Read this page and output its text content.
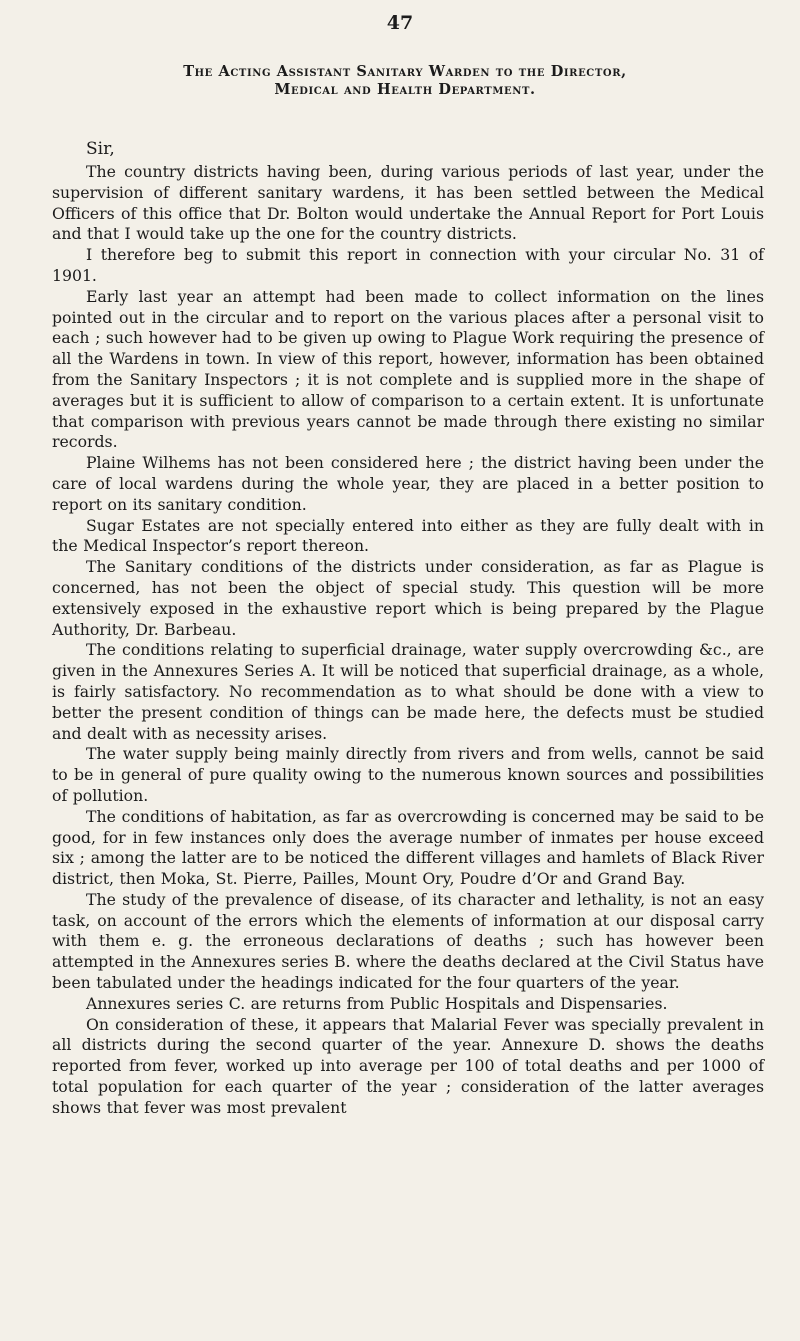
47
The Acting Assistant Sanitary Warden to the Director,
Medical and Health Department.
Sir,

The country districts having been, during various periods of last year, under the supervision of different sanitary wardens, it has been settled between the Medical Officers of this office that Dr. Bolton would undertake the Annual Report for Port Louis and that I would take up the one for the country districts.

I therefore beg to submit this report in connection with your circular No. 31 of 1901.

Early last year an attempt had been made to collect information on the lines pointed out in the circular and to report on the various places after a personal visit to each ; such however had to be given up owing to Plague Work requiring the presence of all the Wardens in town. In view of this report, however, information has been obtained from the Sanitary Inspectors ; it is not complete and is supplied more in the shape of averages but it is sufficient to allow of comparison to a certain extent. It is unfortunate that comparison with previous years cannot be made through there existing no similar records.

Plaine Wilhems has not been considered here ; the district having been under the care of local wardens during the whole year, they are placed in a better position to report on its sanitary condition.

Sugar Estates are not specially entered into either as they are fully dealt with in the Medical Inspector’s report thereon.

The Sanitary conditions of the districts under consideration, as far as Plague is concerned, has not been the object of special study. This question will be more extensively exposed in the exhaustive report which is being prepared by the Plague Authority, Dr. Barbeau.

The conditions relating to superficial drainage, water supply overcrowding &c., are given in the Annexures Series A. It will be noticed that superficial drainage, as a whole, is fairly satisfactory. No recommendation as to what should be done with a view to better the present condition of things can be made here, the defects must be studied and dealt with as necessity arises.

The water supply being mainly directly from rivers and from wells, cannot be said to be in general of pure quality owing to the numerous known sources and possibilities of pollution.

The conditions of habitation, as far as overcrowding is concerned may be said to be good, for in few instances only does the average number of inmates per house exceed six ; among the latter are to be noticed the different villages and hamlets of Black River district, then Moka, St. Pierre, Pailles, Mount Ory, Poudre d’Or and Grand Bay.

The study of the prevalence of disease, of its character and lethality, is not an easy task, on account of the errors which the elements of information at our disposal carry with them e. g. the erroneous declarations of deaths ; such has however been attempted in the Annexures series B. where the deaths declared at the Civil Status have been tabulated under the headings indicated for the four quarters of the year.

Annexures series C. are returns from Public Hospitals and Dispensaries.

On consideration of these, it appears that Malarial Fever was specially prevalent in all districts during the second quarter of the year. Annexure D. shows the deaths reported from fever, worked up into average per 100 of total deaths and per 1000 of total population for each quarter of the year ; consideration of the latter averages shows that fever was most prevalent
